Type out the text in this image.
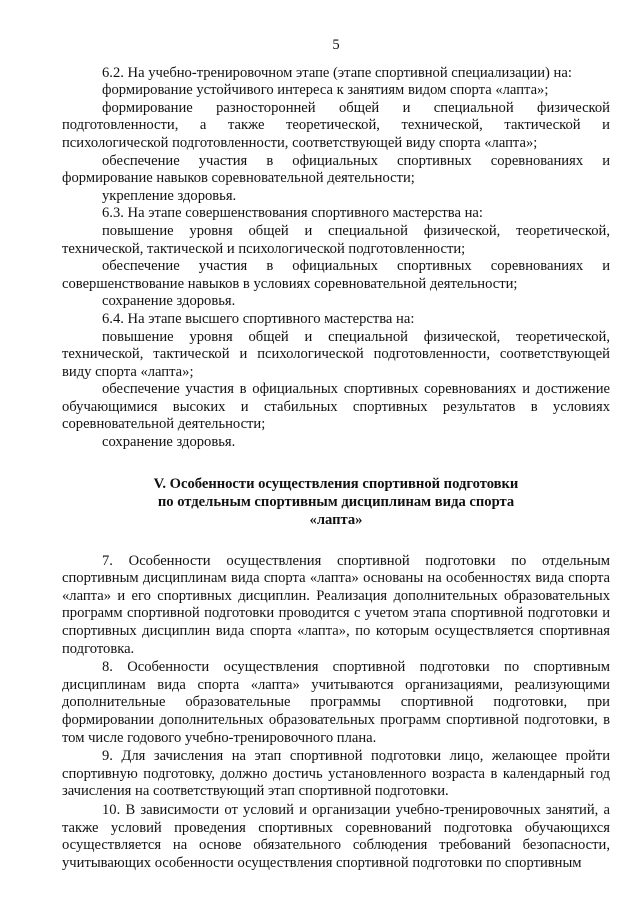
5

6.2. На учебно-тренировочном этапе (этапе спортивной специализации) на:

формирование устойчивого интереса к занятиям видом спорта «лапта»;

формирование разносторонней общей и специальной физической подготовленности, а также теоретической, технической, тактической и психологической подготовленности, соответствующей виду спорта «лапта»;

обеспечение участия в официальных спортивных соревнованиях и формирование навыков соревновательной деятельности;

укрепление здоровья.

6.3. На этапе совершенствования спортивного мастерства на:

повышение уровня общей и специальной физической, теоретической, технической, тактической и психологической подготовленности;

обеспечение участия в официальных спортивных соревнованиях и совершенствование навыков в условиях соревновательной деятельности;

сохранение здоровья.

6.4. На этапе высшего спортивного мастерства на:

повышение уровня общей и специальной физической, теоретической, технической, тактической и психологической подготовленности, соответствующей виду спорта «лапта»;

обеспечение участия в официальных спортивных соревнованиях и достижение обучающимися высоких и стабильных спортивных результатов в условиях соревновательной деятельности;

сохранение здоровья.

V. Особенности осуществления спортивной подготовки
по отдельным спортивным дисциплинам вида спорта
«лапта»

7. Особенности осуществления спортивной подготовки по отдельным спортивным дисциплинам вида спорта «лапта» основаны на особенностях вида спорта «лапта» и его спортивных дисциплин. Реализация дополнительных образовательных программ спортивной подготовки проводится с учетом этапа спортивной подготовки и спортивных дисциплин вида спорта «лапта», по которым осуществляется спортивная подготовка.

8. Особенности осуществления спортивной подготовки по спортивным дисциплинам вида спорта «лапта» учитываются организациями, реализующими дополнительные образовательные программы спортивной подготовки, при формировании дополнительных образовательных программ спортивной подготовки, в том числе годового учебно-тренировочного плана.

9. Для зачисления на этап спортивной подготовки лицо, желающее пройти спортивную подготовку, должно достичь установленного возраста в календарный год зачисления на соответствующий этап спортивной подготовки.

10. В зависимости от условий и организации учебно-тренировочных занятий, а также условий проведения спортивных соревнований подготовка обучающихся осуществляется на основе обязательного соблюдения требований безопасности, учитывающих особенности осуществления спортивной подготовки по спортивным
